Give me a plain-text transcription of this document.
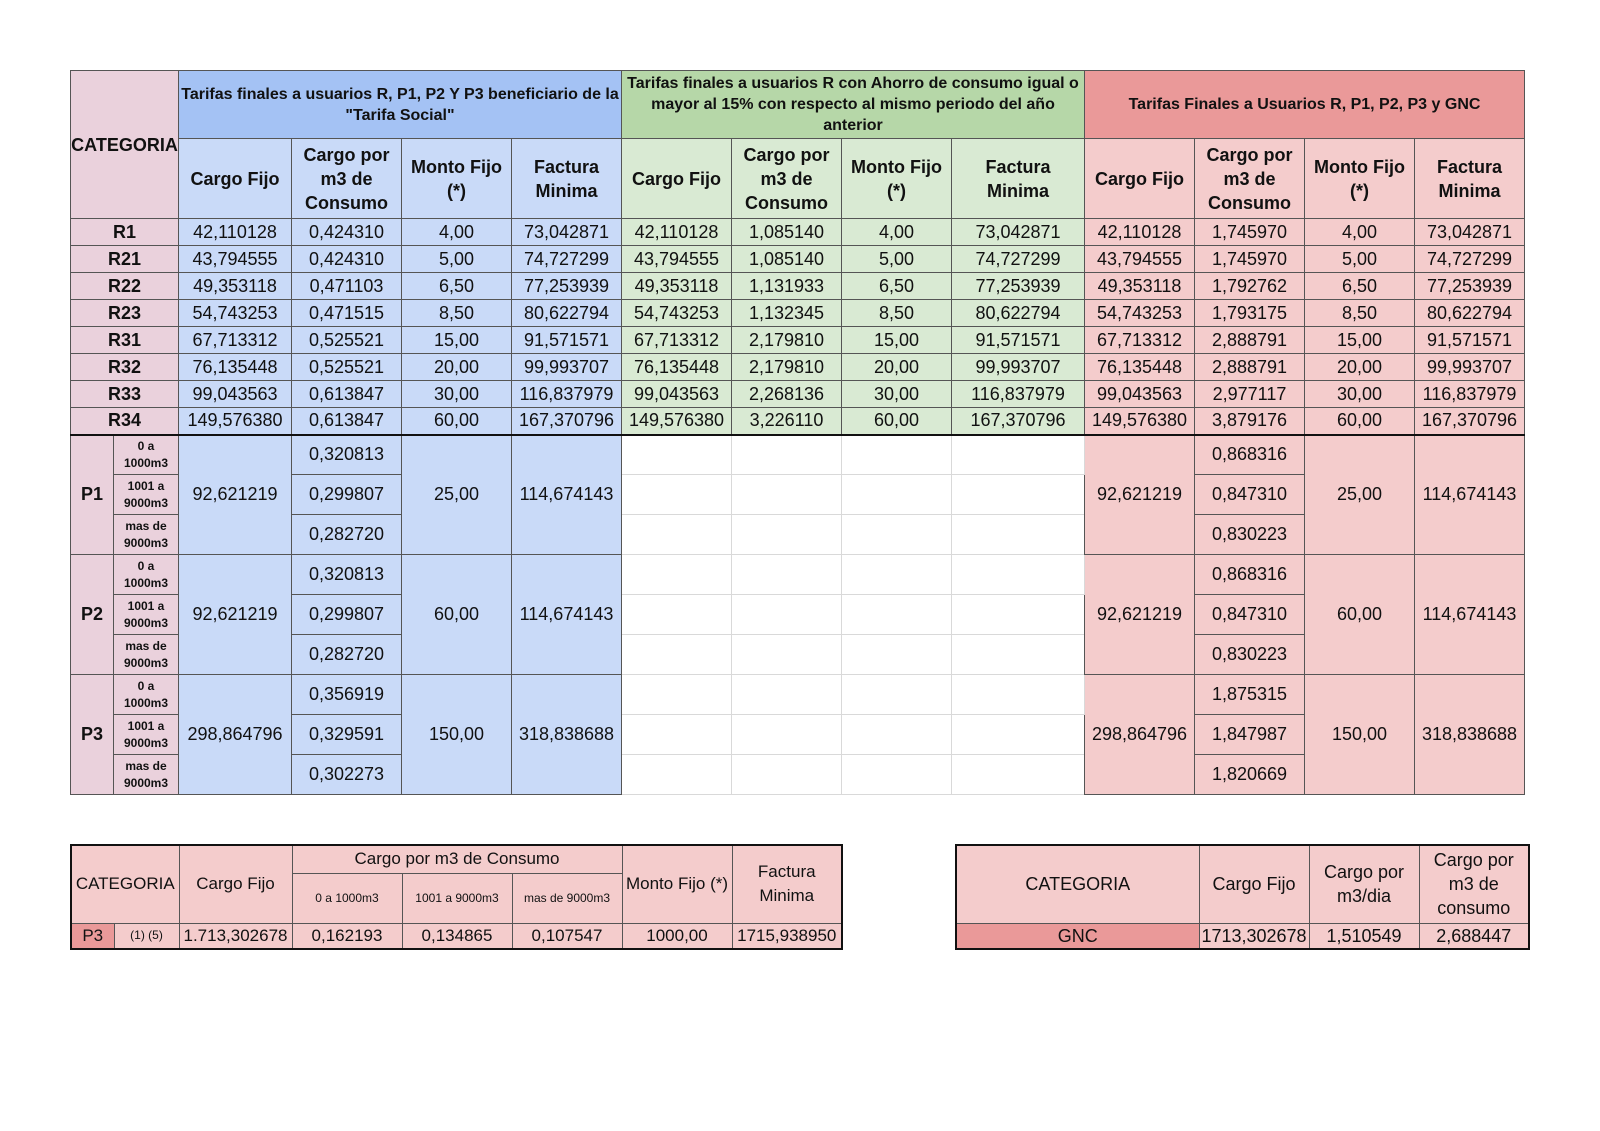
CATEGORIA		Tarifas finales a usuarios R, P1, P2 Y P3 beneficiario de la "Tarifa Social"				Tarifas finales a usuarios R con Ahorro de consumo igual o mayor al 15% con respecto al mismo periodo del año anterior				Tarifas Finales a Usuarios R, P1, P2, P3 y GNC			
		Cargo Fijo	Cargo por m3 de Consumo	Monto Fijo (*)	Factura Minima	Cargo Fijo	Cargo por m3 de Consumo	Monto Fijo (*)	Factura Minima	Cargo Fijo	Cargo por m3 de Consumo	Monto Fijo (*)	Factura Minima
R1		42,110128	0,424310	4,00	73,042871	42,110128	1,085140	4,00	73,042871	42,110128	1,745970	4,00	73,042871
R21		43,794555	0,424310	5,00	74,727299	43,794555	1,085140	5,00	74,727299	43,794555	1,745970	5,00	74,727299
R22		49,353118	0,471103	6,50	77,253939	49,353118	1,131933	6,50	77,253939	49,353118	1,792762	6,50	77,253939
R23		54,743253	0,471515	8,50	80,622794	54,743253	1,132345	8,50	80,622794	54,743253	1,793175	8,50	80,622794
R31		67,713312	0,525521	15,00	91,571571	67,713312	2,179810	15,00	91,571571	67,713312	2,888791	15,00	91,571571
R32		76,135448	0,525521	20,00	99,993707	76,135448	2,179810	20,00	99,993707	76,135448	2,888791	20,00	99,993707
R33		99,043563	0,613847	30,00	116,837979	99,043563	2,268136	30,00	116,837979	99,043563	2,977117	30,00	116,837979
R34		149,576380	0,613847	60,00	167,370796	149,576380	3,226110	60,00	167,370796	149,576380	3,879176	60,00	167,370796
P1	0 a 1000m3	92,621219	0,320813	25,00	114,674143					92,621219	0,868316	25,00	114,674143
	1001 a 9000m3		0,299807								0,847310		
	mas de 9000m3		0,282720								0,830223		
P2	0 a 1000m3	92,621219	0,320813	60,00	114,674143					92,621219	0,868316	60,00	114,674143
	1001 a 9000m3		0,299807								0,847310		
	mas de 9000m3		0,282720								0,830223		
P3	0 a 1000m3	298,864796	0,356919	150,00	318,838688					298,864796	1,875315	150,00	318,838688
	1001 a 9000m3		0,329591								1,847987		
	mas de 9000m3		0,302273								1,820669		
CATEGORIA		Cargo Fijo	Cargo por m3 de Consumo			Monto Fijo (*)	Factura Minima
			0 a 1000m3	1001 a 9000m3	mas de 9000m3		
P3	(1) (5)	1.713,302678	0,162193	0,134865	0,107547	1000,00	1715,938950
CATEGORIA	Cargo Fijo	Cargo por m3/dia	Cargo por m3 de consumo
GNC	1713,302678	1,510549	2,688447
